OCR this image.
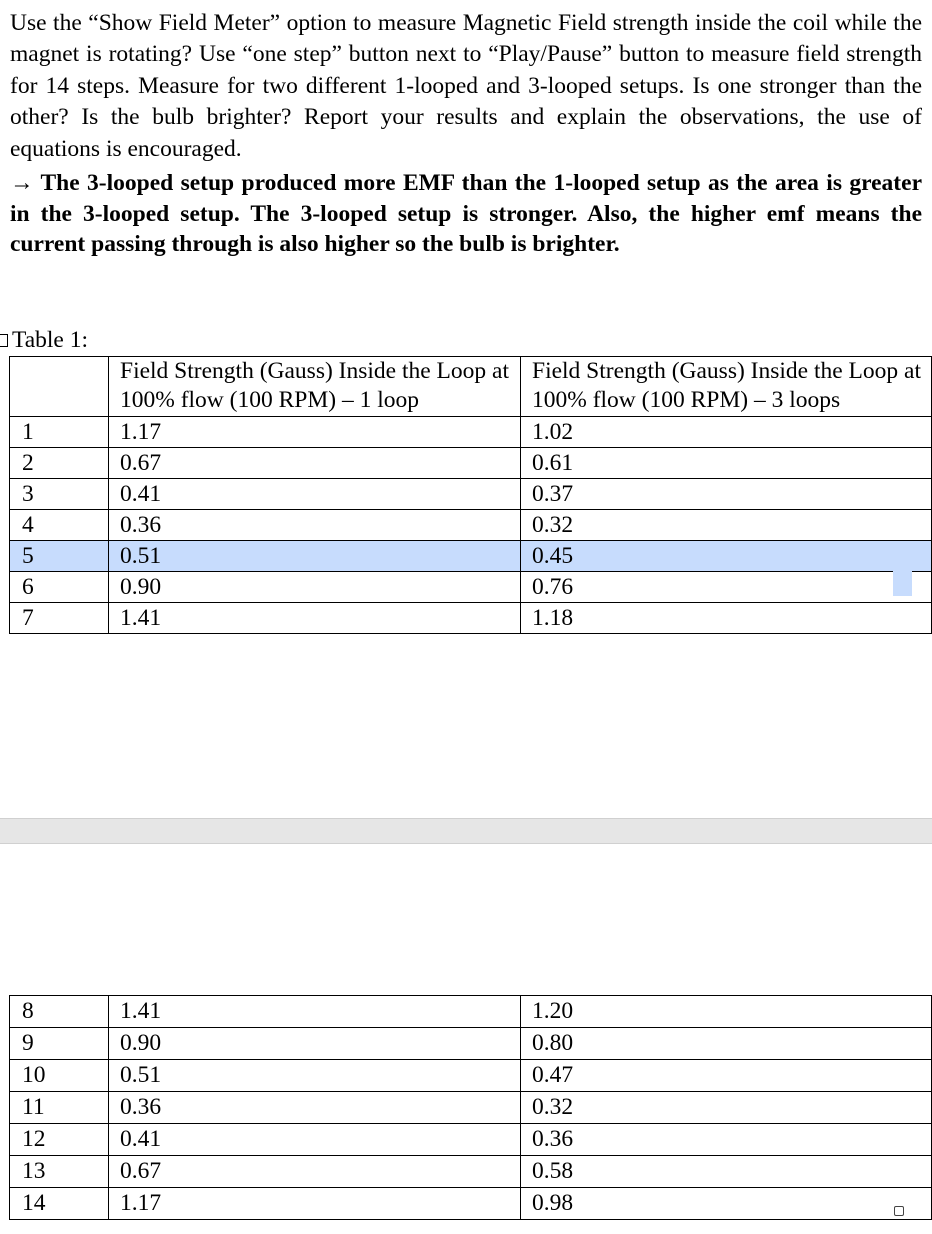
Use the “Show Field Meter” option to measure Magnetic Field strength inside the coil while the magnet is rotating? Use “one step” button next to “Play/Pause” button to measure field strength for 14 steps. Measure for two different 1-looped and 3-looped setups. Is one stronger than the other? Is the bulb brighter? Report your results and explain the observations, the use of equations is encouraged.

→ The 3-looped setup produced more EMF than the 1-looped setup as the area is greater in the 3-looped setup. The 3-looped setup is stronger. Also, the higher emf means the current passing through is also higher so the bulb is brighter.

Table 1:
	Field Strength (Gauss) Inside the Loop at 100% flow (100 RPM) – 1 loop	Field Strength (Gauss) Inside the Loop at 100% flow (100 RPM) – 3 loops
1	1.17	1.02
2	0.67	0.61
3	0.41	0.37
4	0.36	0.32
5	0.51	0.45
6	0.90	0.76
7	1.41	1.18
8	1.41	1.20
9	0.90	0.80
10	0.51	0.47
11	0.36	0.32
12	0.41	0.36
13	0.67	0.58
14	1.17	0.98
